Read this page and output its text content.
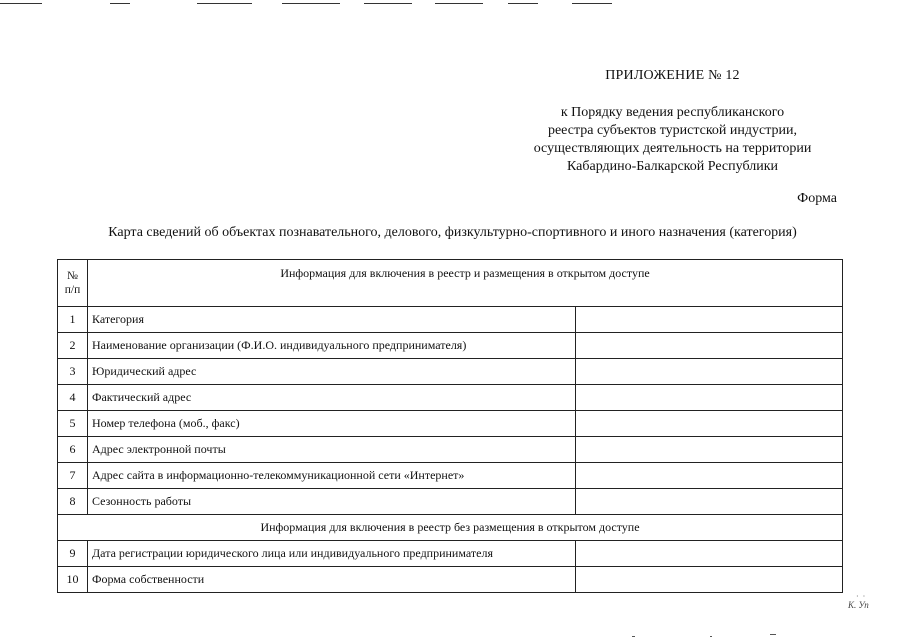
ПРИЛОЖЕНИЕ № 12
к Порядку ведения республиканского
реестра субъектов туристской индустрии,
осуществляющих деятельность на территории
Кабардино-Балкарской Республики
Форма
Карта сведений об объектах познавательного, делового, физкультурно-спортивного и иного назначения (категория)
№
п/п	Информация для включения в реестр и размещения в открытом доступе	
1	Категория	
2	Наименование организации (Ф.И.О. индивидуального предпринимателя)	
3	Юридический адрес	
4	Фактический адрес	
5	Номер телефона (моб., факс)	
6	Адрес электронной почты	
7	Адрес сайта в информационно-телекоммуникационной сети «Интернет»	
8	Сезонность работы	
Информация для включения в реестр без размещения в открытом доступе		
9	Дата регистрации юридического лица или индивидуального предпринимателя	
10	Форма собственности	
·  ·
К. Уп
